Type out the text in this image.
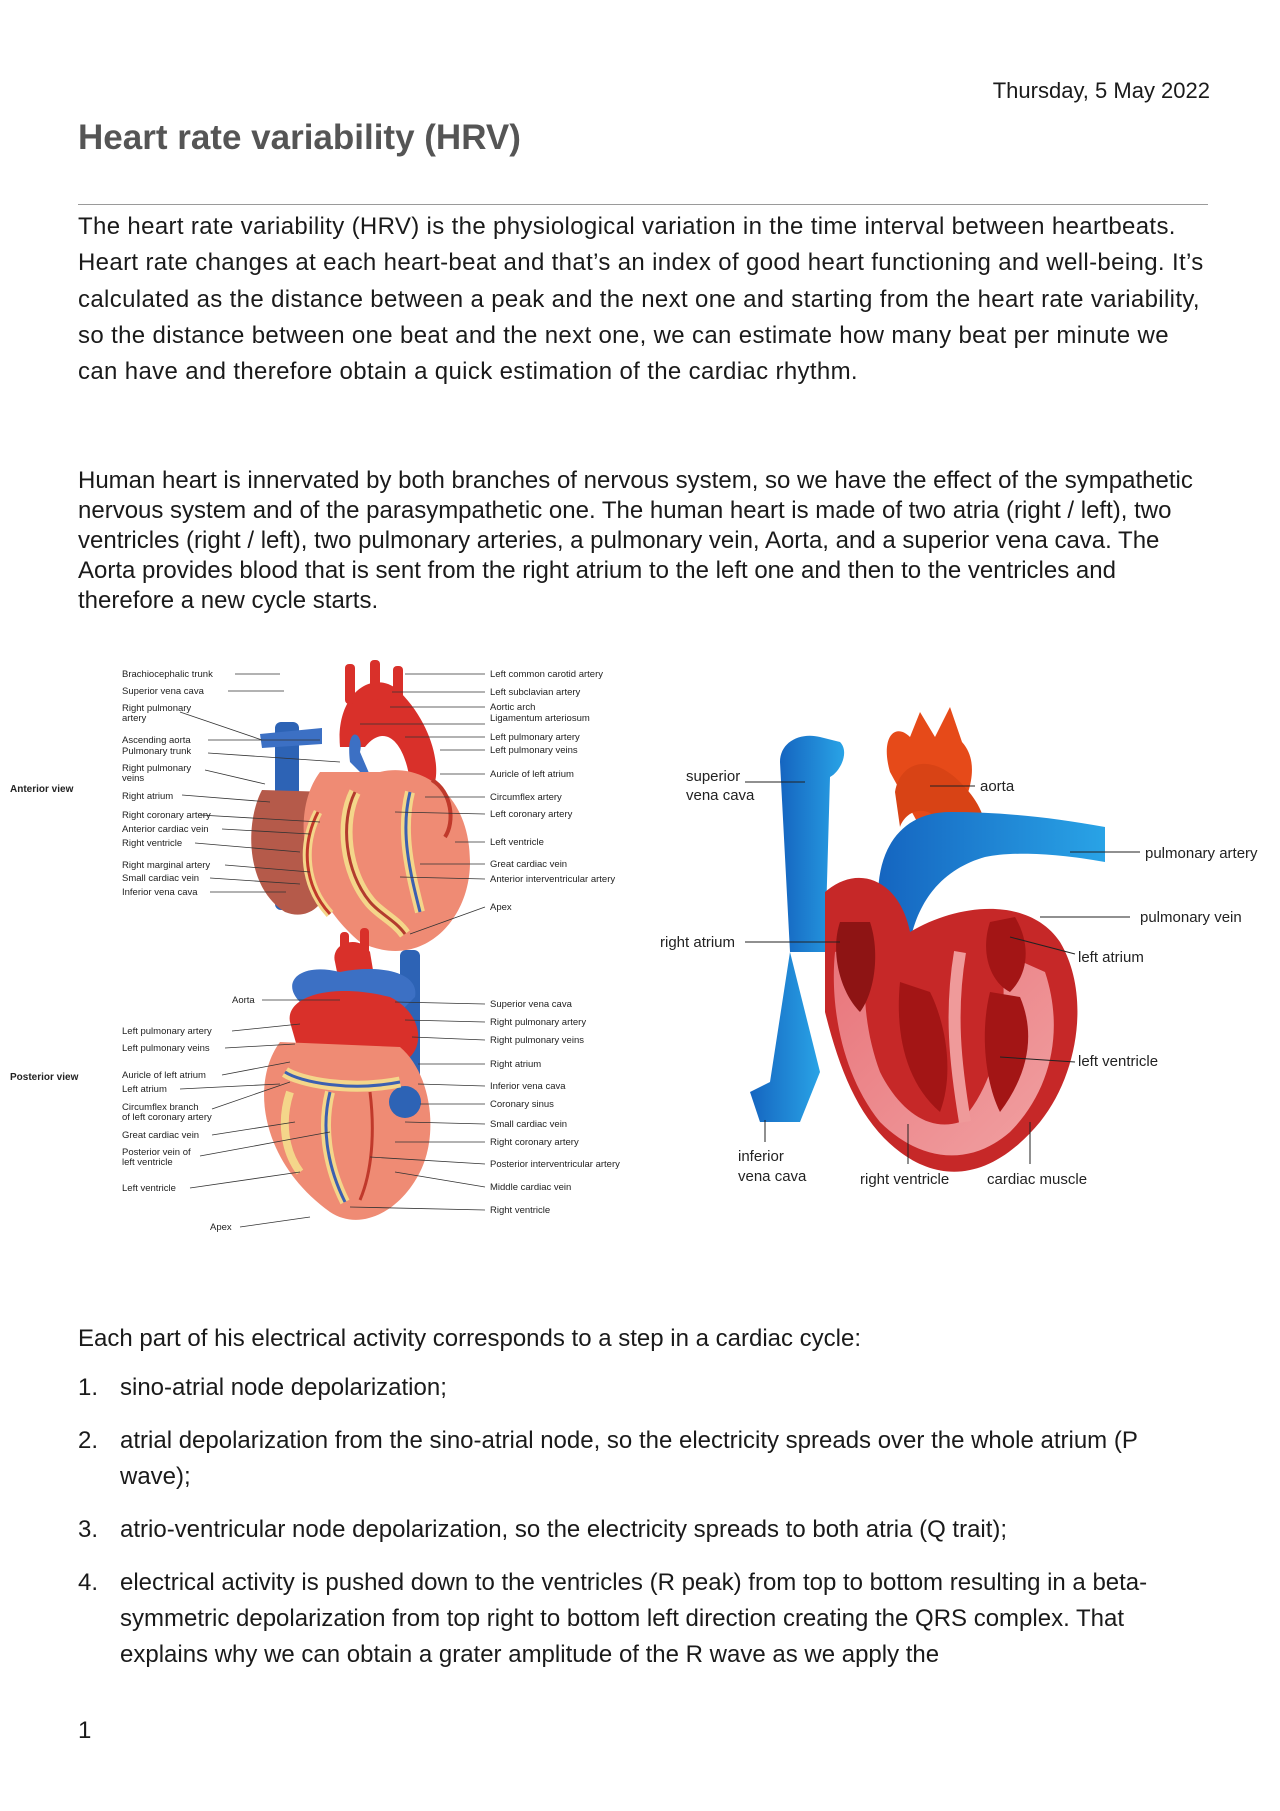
Thursday, 5 May 2022
Heart rate variability (HRV)

The heart rate variability (HRV) is the physiological variation in the time interval between heartbeats. Heart rate changes at each heart-beat and that’s an index of good heart functioning and well-being. It’s calculated as the distance between a peak and the next one and starting from the heart rate variability, so the distance between one beat and the next one, we can estimate how many beat per minute we can have and therefore obtain a quick estimation of the cardiac rhythm.

Human heart is innervated by both branches of nervous system, so we have the effect of the sympathetic nervous system and of the parasympathetic one. The human heart is made of two atria (right / left), two ventricles (right / left), two pulmonary arteries, a pulmonary vein, Aorta, and a superior vena cava. The Aorta provides blood that is sent from the right atrium to the left one and then to the ventricles and therefore a new cycle starts.

Anterior view
Brachiocephalic trunk
Superior vena cava
Right pulmonary
artery
Ascending aorta
Pulmonary trunk
Right pulmonary
veins
Right atrium
Right coronary artery
Anterior cardiac vein
Right ventricle
Right marginal artery
Small cardiac vein
Inferior vena cava
Left common carotid artery
Left subclavian artery
Aortic arch
Ligamentum arteriosum
Left pulmonary artery
Left pulmonary veins
Auricle of left atrium
Circumflex artery
Left coronary artery
Left ventricle
Great cardiac vein
Anterior interventricular artery
Apex
Posterior view
Aorta
Left pulmonary artery
Left pulmonary veins
Auricle of left atrium
Left atrium
Circumflex branch
of left coronary artery
Great cardiac vein
Posterior vein of
left ventricle
Left ventricle
Apex
Superior vena cava
Right pulmonary artery
Right pulmonary veins
Right atrium
Inferior vena cava
Coronary sinus
Small cardiac vein
Right coronary artery
Posterior interventricular artery
Middle cardiac vein
Right ventricle
superior
vena cava
aorta
pulmonary artery
pulmonary vein
right atrium
left atrium
left ventricle
inferior
vena cava	right ventricle	cardiac muscle

Each part of his electrical activity corresponds to a step in a cardiac cycle:

1. sino-atrial node depolarization;
2. atrial depolarization from the sino-atrial node, so the electricity spreads over the whole atrium (P wave);
3. atrio-ventricular node depolarization, so the electricity spreads to both atria (Q trait);
4. electrical activity is pushed down to the ventricles (R peak) from top to bottom resulting in a beta-symmetric depolarization from top right to bottom left direction creating the QRS complex. That explains why we can obtain a grater amplitude of the R wave as we apply the
1
